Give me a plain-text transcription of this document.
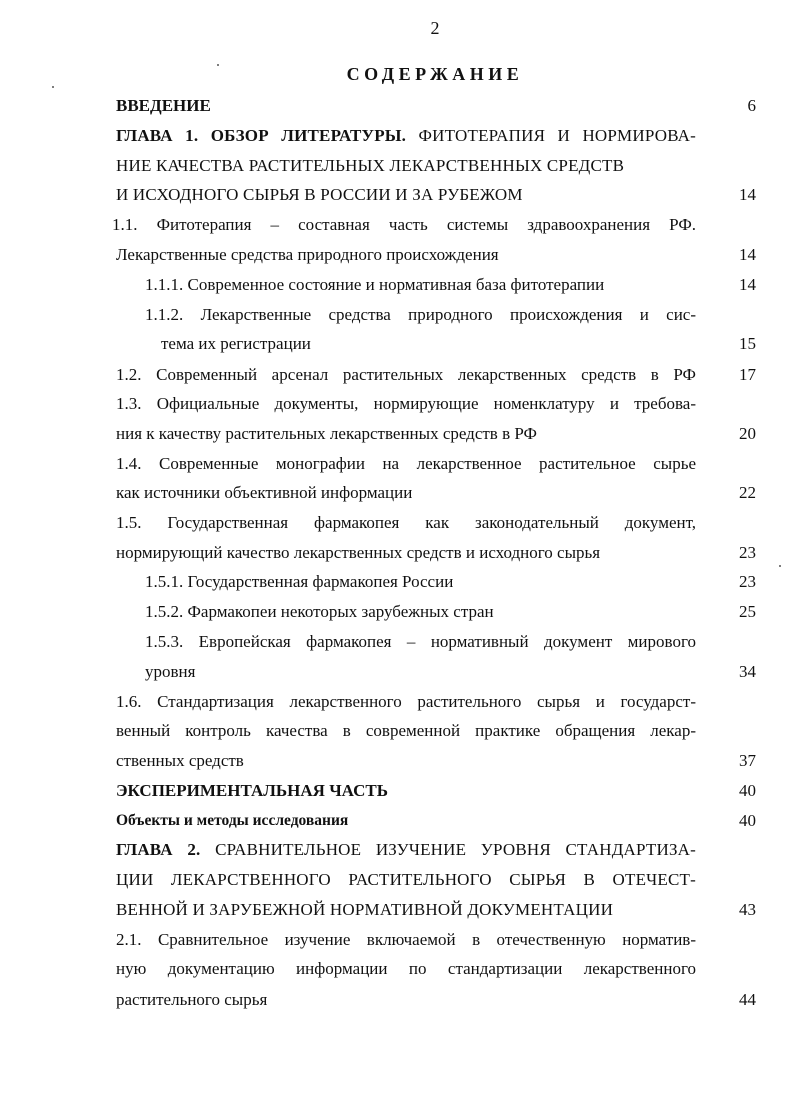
2
СОДЕРЖАНИЕ
ВВЕДЕНИЕ	6
ГЛАВА 1. ОБЗОР ЛИТЕРАТУРЫ. ФИТОТЕРАПИЯ И НОРМИРОВА-
НИЕ КАЧЕСТВА РАСТИТЕЛЬНЫХ ЛЕКАРСТВЕННЫХ СРЕДСТВ
И ИСХОДНОГО СЫРЬЯ В РОССИИ И ЗА РУБЕЖОМ	14
1.1. Фитотерапия – составная часть системы здравоохранения РФ.
Лекарственные средства природного происхождения	14
1.1.1. Современное состояние и нормативная база фитотерапии	14
1.1.2. Лекарственные средства природного происхождения и сис-
тема их регистрации	15
1.2. Современный арсенал растительных лекарственных средств в РФ	17
1.3. Официальные документы, нормирующие номенклатуру и требова-
ния к качеству растительных лекарственных средств в РФ	20
1.4. Современные монографии на лекарственное растительное сырье
как источники объективной информации	22
1.5. Государственная фармакопея как законодательный документ,
нормирующий качество лекарственных средств и исходного сырья	23
1.5.1. Государственная фармакопея России	23
1.5.2. Фармакопеи некоторых зарубежных стран	25
1.5.3. Европейская фармакопея – нормативный документ мирового
уровня	34
1.6. Стандартизация лекарственного растительного сырья и государст-
венный контроль качества в современной практике обращения лекар-
ственных средств	37
ЭКСПЕРИМЕНТАЛЬНАЯ ЧАСТЬ	40
Объекты и методы исследования	40
ГЛАВА 2. СРАВНИТЕЛЬНОЕ ИЗУЧЕНИЕ УРОВНЯ СТАНДАРТИЗА-
ЦИИ ЛЕКАРСТВЕННОГО РАСТИТЕЛЬНОГО СЫРЬЯ В ОТЕЧЕСТ-
ВЕННОЙ И ЗАРУБЕЖНОЙ НОРМАТИВНОЙ ДОКУМЕНТАЦИИ	43
2.1. Сравнительное изучение включаемой в отечественную норматив-
ную документацию информации по стандартизации лекарственного
растительного сырья	44
